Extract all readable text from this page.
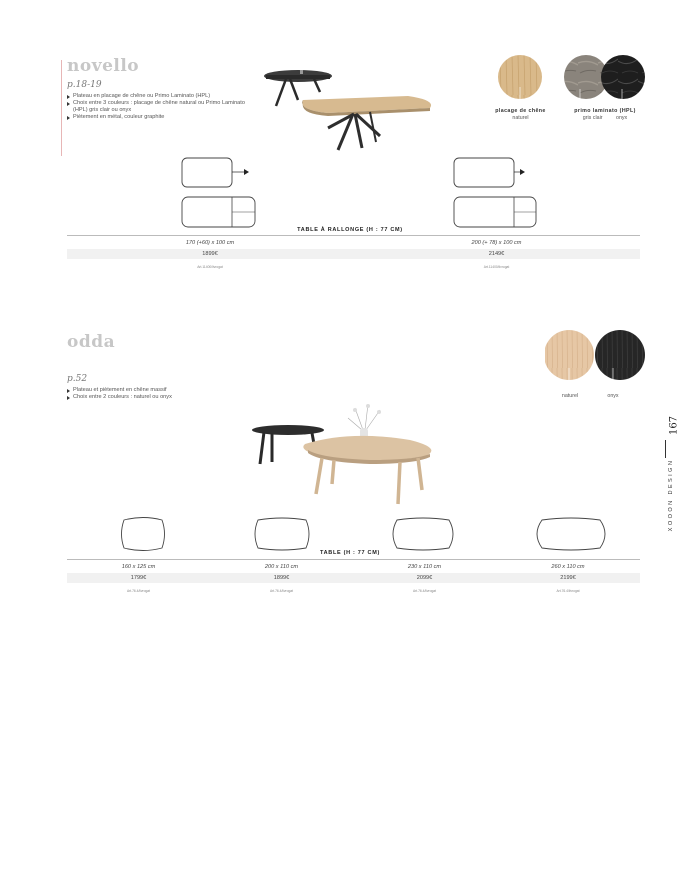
novello
p.18-19
Plateau en placage de chêne ou Primo Laminato (HPL)
Choix entre 3 couleurs : placage de chêne natural ou Primo Laminato (HPL) gris clair ou onyx
Piètement en métal, couleur graphite
placage de chêne
naturel
primo laminato (HPL)
gris clair	onyx
TABLE À RALLONGE (H : 77 CM)
170 (+60) x 100 cm	200 (+ 78) x 100 cm
1899€	2149€
Art.11400/livrogat	Art.11400/livrogat
odda
p.52
Plateau et piètement en chêne massif
Choix entre 2 couleurs : naturel ou onyx	naturel	onyx
TABLE (H : 77 CM)
160 x 125 cm	200 x 110 cm	230 x 110 cm	260 x 110 cm
1799€	1899€	2099€	2199€
Art.76.4/livrogat	Art.76.4/livrogat	Art.76.4/livrogat	Art.76.4/livrogat
167
XOOON DESIGN
